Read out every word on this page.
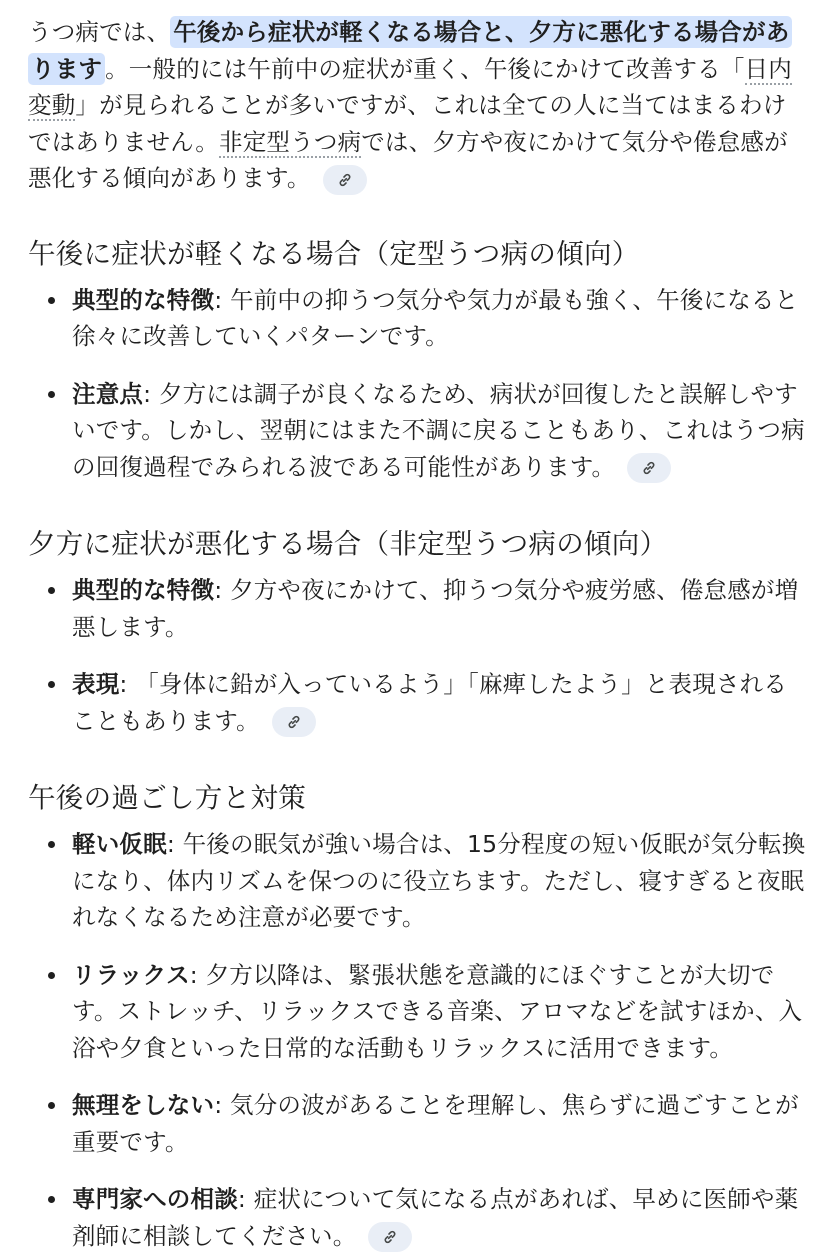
うつ病では、 午後から症状が軽くなる場合と、夕方に悪化する場合があります 。一般的には午前中の症状が重く、午後にかけて改善する「日内変動」が見られることが多いですが、これは全ての人に当てはまるわけではありません。非定型うつ病では、夕方や夜にかけて気分や倦怠感が悪化する傾向があります。

午後に症状が軽くなる場合（定型うつ病の傾向）
典型的な特徴: 午前中の抑うつ気分や気力が最も強く、午後になると徐々に改善していくパターンです。
注意点: 夕方には調子が良くなるため、病状が回復したと誤解しやすいです。しかし、翌朝にはまた不調に戻ることもあり、これはうつ病の回復過程でみられる波である可能性があります。
夕方に症状が悪化する場合（非定型うつ病の傾向）
典型的な特徴: 夕方や夜にかけて、抑うつ気分や疲労感、倦怠感が増悪します。
表現: 「身体に鉛が入っているよう」「麻痺したよう」と表現されることもあります。
午後の過ごし方と対策
軽い仮眠: 午後の眠気が強い場合は、15分程度の短い仮眠が気分転換になり、体内リズムを保つのに役立ちます。ただし、寝すぎると夜眠れなくなるため注意が必要です。
リラックス: 夕方以降は、緊張状態を意識的にほぐすことが大切です。ストレッチ、リラックスできる音楽、アロマなどを試すほか、入浴や夕食といった日常的な活動もリラックスに活用できます。
無理をしない: 気分の波があることを理解し、焦らずに過ごすことが重要です。
専門家への相談: 症状について気になる点があれば、早めに医師や薬剤師に相談してください。
